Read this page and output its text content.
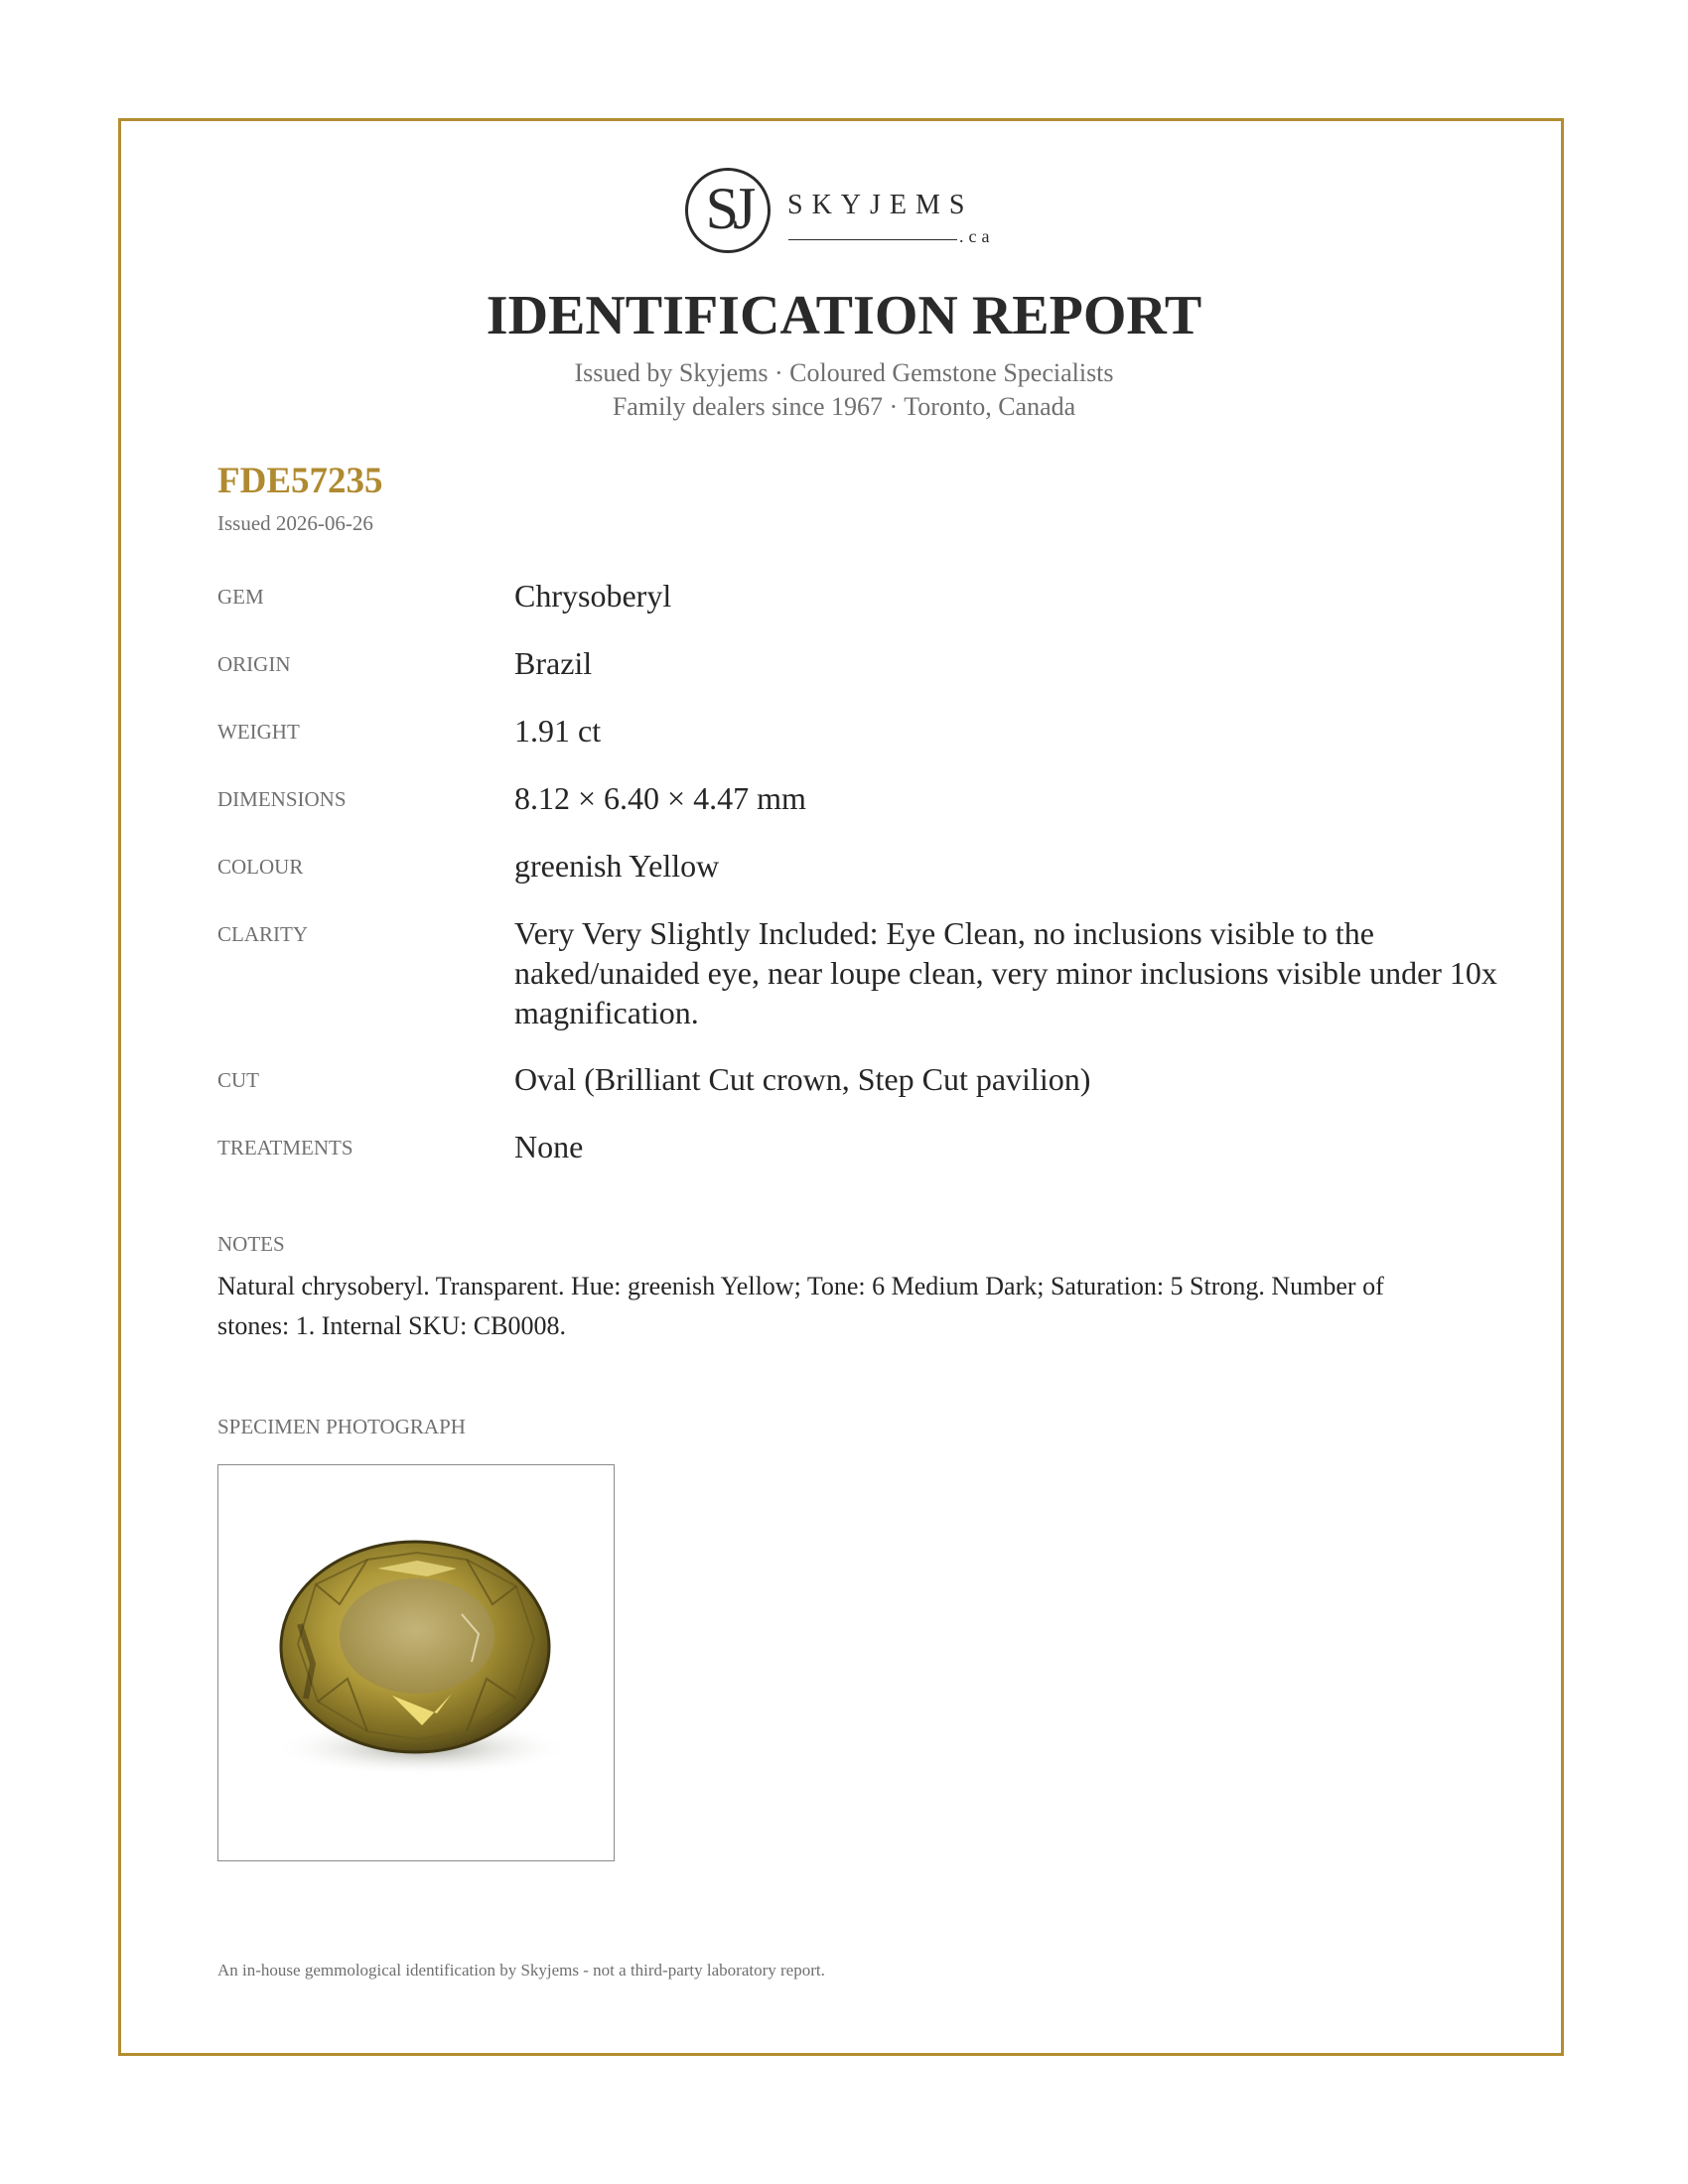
SJ	SKYJEMS
.ca
IDENTIFICATION REPORT
Issued by Skyjems · Coloured Gemstone Specialists
Family dealers since 1967 · Toronto, Canada
FDE57235
Issued 2026-06-26
GEM	Chrysoberyl
ORIGIN	Brazil
WEIGHT	1.91 ct
DIMENSIONS	8.12 × 6.40 × 4.47 mm
COLOUR	greenish Yellow
CLARITY	Very Very Slightly Included: Eye Clean, no inclusions visible to the naked/unaided eye, near loupe clean, very minor inclusions visible under 10x magnification.
CUT	Oval (Brilliant Cut crown, Step Cut pavilion)
TREATMENTS	None
NOTES
Natural chrysoberyl. Transparent. Hue: greenish Yellow; Tone: 6 Medium Dark; Saturation: 5 Strong. Number of stones: 1. Internal SKU: CB0008.
SPECIMEN PHOTOGRAPH
An in-house gemmological identification by Skyjems - not a third-party laboratory report.
